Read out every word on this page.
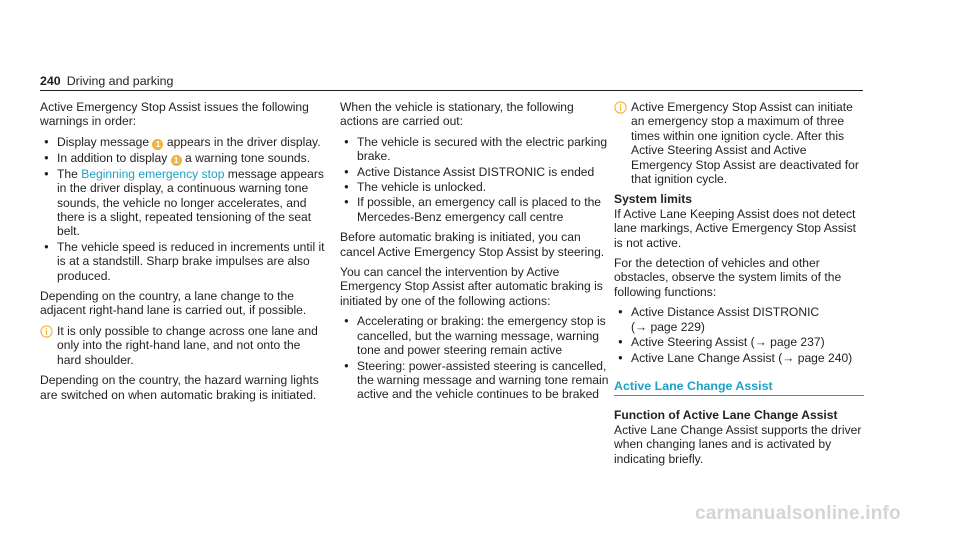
240 Driving and parking

Active Emergency Stop Assist issues the following warnings in order:

● Display message 1 appears in the driver display.
● In addition to display 1 a warning tone sounds.
● The Beginning emergency stop message appears in the driver display, a continuous warning tone sounds, the vehicle no longer accelerates, and there is a slight, repeated tensioning of the seat belt.
● The vehicle speed is reduced in increments until it is at a standstill. Sharp brake impulses are also produced.

Depending on the country, a lane change to the adjacent right-hand lane is carried out, if possible.

It is only possible to change across one lane and only into the right-hand lane, and not onto the hard shoulder.

Depending on the country, the hazard warning lights are switched on when automatic braking is initiated.

When the vehicle is stationary, the following actions are carried out:

● The vehicle is secured with the electric parking brake.
● Active Distance Assist DISTRONIC is ended
● The vehicle is unlocked.
● If possible, an emergency call is placed to the Mercedes-Benz emergency call centre

Before automatic braking is initiated, you can cancel Active Emergency Stop Assist by steering.

You can cancel the intervention by Active Emergency Stop Assist after automatic braking is initiated by one of the following actions:

● Accelerating or braking: the emergency stop is cancelled, but the warning message, warning tone and power steering remain active
● Steering: power-assisted steering is cancelled, the warning message and warning tone remain active and the vehicle continues to be braked
Active Emergency Stop Assist can initiate an emergency stop a maximum of three times within one ignition cycle. After this Active Steering Assist and Active Emergency Stop Assist are deactivated for that ignition cycle.

System limits

If Active Lane Keeping Assist does not detect lane markings, Active Emergency Stop Assist is not active.

For the detection of vehicles and other obstacles, observe the system limits of the following functions:

● Active Distance Assist DISTRONIC
(→ page 229)
● Active Steering Assist (→ page 237)
● Active Lane Change Assist (→ page 240)
Active Lane Change Assist

Function of Active Lane Change Assist

Active Lane Change Assist supports the driver when changing lanes and is activated by indicating briefly.

carmanualsonline.info
